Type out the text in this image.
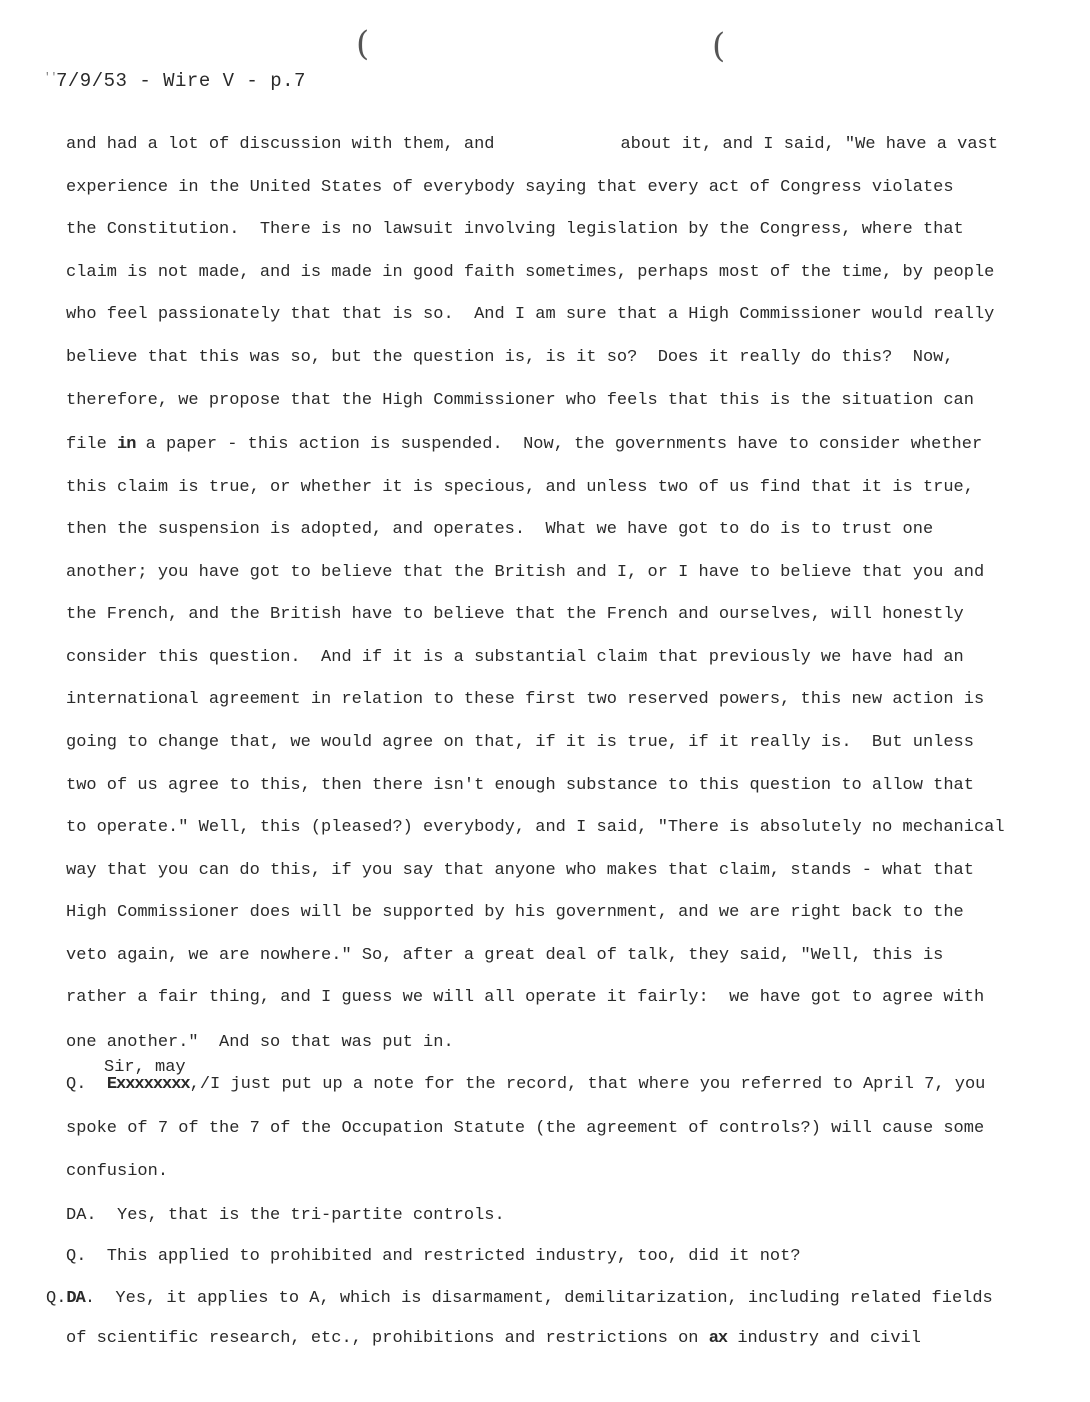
(	(
''
7/9/53 - Wire V - p.7
and had a lot of discussion with them, and	about it, and I said, "We have a vast
experience in the United States of everybody saying that every act of Congress violates
the Constitution.  There is no lawsuit involving legislation by the Congress, where that
claim is not made, and is made in good faith sometimes, perhaps most of the time, by people
who feel passionately that that is so.  And I am sure that a High Commissioner would really
believe that this was so, but the question is, is it so?  Does it really do this?  Now,
therefore, we propose that the High Commissioner who feels that this is the situation can
file in a paper - this action is suspended.  Now, the governments have to consider whether
this claim is true, or whether it is specious, and unless two of us find that it is true,
then the suspension is adopted, and operates.  What we have got to do is to trust one
another; you have got to believe that the British and I, or I have to believe that you and
the French, and the British have to believe that the French and ourselves, will honestly
consider this question.  And if it is a substantial claim that previously we have had an
international agreement in relation to these first two reserved powers, this new action is
going to change that, we would agree on that, if it is true, if it really is.  But unless
two of us agree to this, then there isn't enough substance to this question to allow that
to operate." Well, this (pleased?) everybody, and I said, "There is absolutely no mechanical
way that you can do this, if you say that anyone who makes that claim, stands - what that
High Commissioner does will be supported by his government, and we are right back to the
veto again, we are nowhere." So, after a great deal of talk, they said, "Well, this is
rather a fair thing, and I guess we will all operate it fairly:  we have got to agree with
one another."  And so that was put in.
Sir, may
Q. Exxxxxxxx,/I just put up a note for the record, that where you referred to April 7, you
spoke of 7 of the 7 of the Occupation Statute (the agreement of controls?) will cause some
confusion.
DA.  Yes, that is the tri-partite controls.
Q.  This applied to prohibited and restricted industry, too, did it not?
Q.DA.  Yes, it applies to A, which is disarmament, demilitarization, including related fields
of scientific research, etc., prohibitions and restrictions on ax industry and civil
